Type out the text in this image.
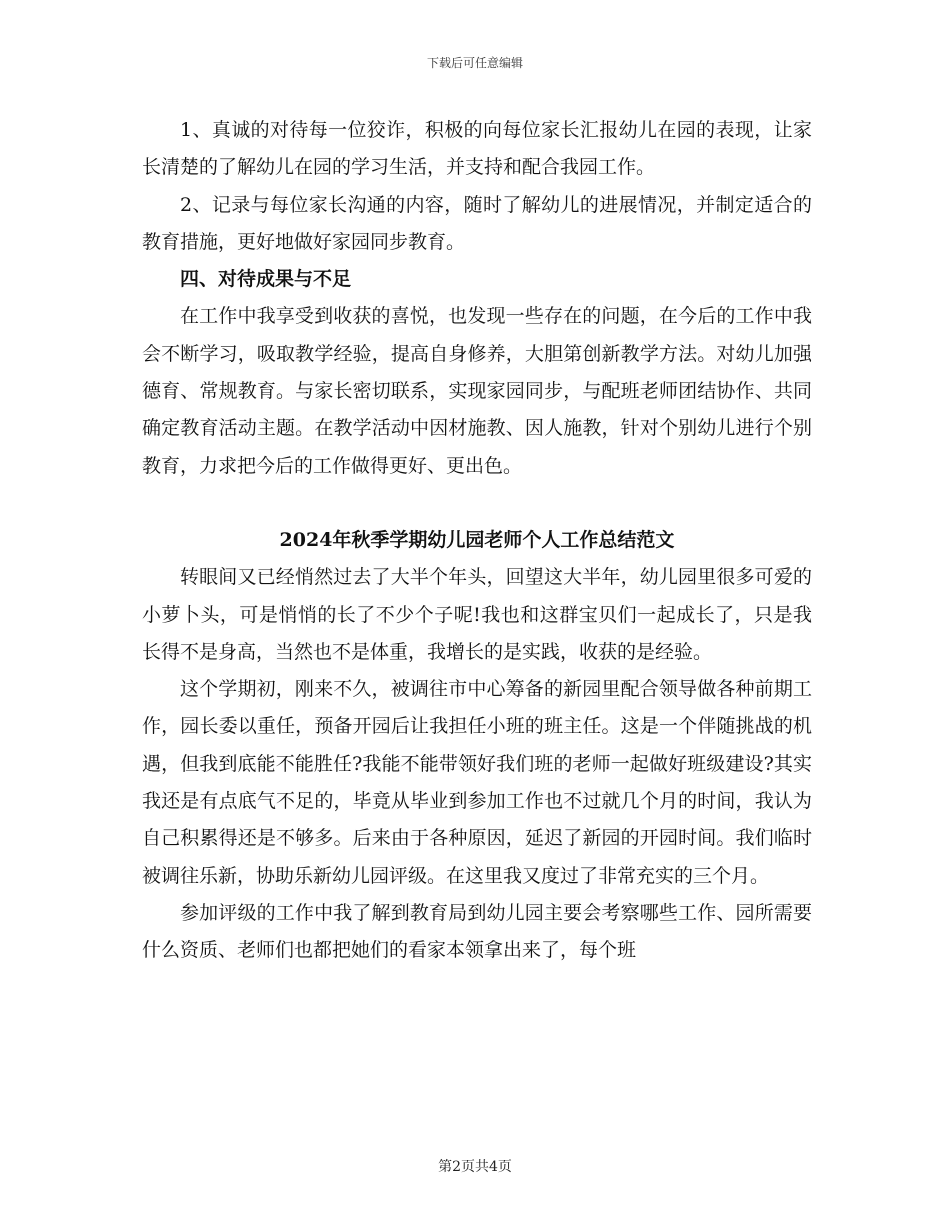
下载后可任意编辑

1、真诚的对待每一位狡诈，积极的向每位家长汇报幼儿在园的表现，让家长清楚的了解幼儿在园的学习生活，并支持和配合我园工作。

2、记录与每位家长沟通的内容，随时了解幼儿的进展情况，并制定适合的教育措施，更好地做好家园同步教育。

四、对待成果与不足

在工作中我享受到收获的喜悦，也发现一些存在的问题，在今后的工作中我会不断学习，吸取教学经验，提高自身修养，大胆第创新教学方法。对幼儿加强德育、常规教育。与家长密切联系，实现家园同步，与配班老师团结协作、共同确定教育活动主题。在教学活动中因材施教、因人施教，针对个别幼儿进行个别教育，力求把今后的工作做得更好、更出色。

2024年秋季学期幼儿园老师个人工作总结范文

转眼间又已经悄然过去了大半个年头，回望这大半年，幼儿园里很多可爱的小萝卜头，可是悄悄的长了不少个子呢!我也和这群宝贝们一起成长了，只是我长得不是身高，当然也不是体重，我增长的是实践，收获的是经验。

这个学期初，刚来不久，被调往市中心筹备的新园里配合领导做各种前期工作，园长委以重任，预备开园后让我担任小班的班主任。这是一个伴随挑战的机遇，但我到底能不能胜任?我能不能带领好我们班的老师一起做好班级建设?其实我还是有点底气不足的，毕竟从毕业到参加工作也不过就几个月的时间，我认为自己积累得还是不够多。后来由于各种原因，延迟了新园的开园时间。我们临时被调往乐新，协助乐新幼儿园评级。在这里我又度过了非常充实的三个月。

参加评级的工作中我了解到教育局到幼儿园主要会考察哪些工作、园所需要什么资质、老师们也都把她们的看家本领拿出来了，每个班

第2页共4页
